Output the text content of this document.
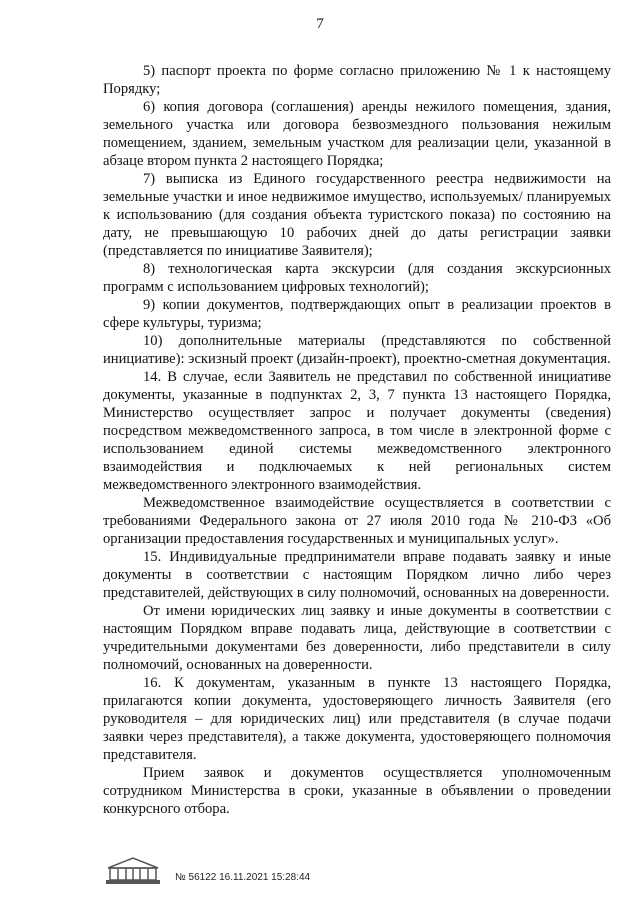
7

5) паспорт проекта по форме согласно приложению № 1 к настоящему Порядку;

6) копия договора (соглашения) аренды нежилого помещения, здания, земельного участка или договора безвозмездного пользования нежилым помещением, зданием, земельным участком для реализации цели, указанной в абзаце втором пункта 2 настоящего Порядка;

7) выписка из Единого государственного реестра недвижимости на земельные участки и иное недвижимое имущество, используемых/ планируемых к использованию (для создания объекта туристского показа) по состоянию на дату, не превышающую 10 рабочих дней до даты регистрации заявки (представляется по инициативе Заявителя);

8) технологическая карта экскурсии (для создания экскурсионных программ с использованием цифровых технологий);

9) копии документов, подтверждающих опыт в реализации проектов в сфере культуры, туризма;

10) дополнительные материалы (представляются по собственной инициативе): эскизный проект (дизайн-проект), проектно-сметная документация.

14. В случае, если Заявитель не представил по собственной инициативе документы, указанные в подпунктах 2, 3, 7 пункта 13 настоящего Порядка, Министерство осуществляет запрос и получает документы (сведения) посредством межведомственного запроса, в том числе в электронной форме с использованием единой системы межведомственного электронного взаимодействия и подключаемых к ней региональных систем межведомственного электронного взаимодействия.

Межведомственное взаимодействие осуществляется в соответствии с требованиями Федерального закона от 27 июля 2010 года № 210-ФЗ «Об организации предоставления государственных и муниципальных услуг».

15. Индивидуальные предприниматели вправе подавать заявку и иные документы в соответствии с настоящим Порядком лично либо через представителей, действующих в силу полномочий, основанных на доверенности.

От имени юридических лиц заявку и иные документы в соответствии с настоящим Порядком вправе подавать лица, действующие в соответствии с учредительными документами без доверенности, либо представители в силу полномочий, основанных на доверенности.

16. К документам, указанным в пункте 13 настоящего Порядка, прилагаются копии документа, удостоверяющего личность Заявителя (его руководителя – для юридических лиц) или представителя (в случае подачи заявки через представителя), а также документа, удостоверяющего полномочия представителя.

Прием заявок и документов осуществляется уполномоченным сотрудником Министерства в сроки, указанные в объявлении о проведении конкурсного отбора.

№ 56122 16.11.2021 15:28:44
